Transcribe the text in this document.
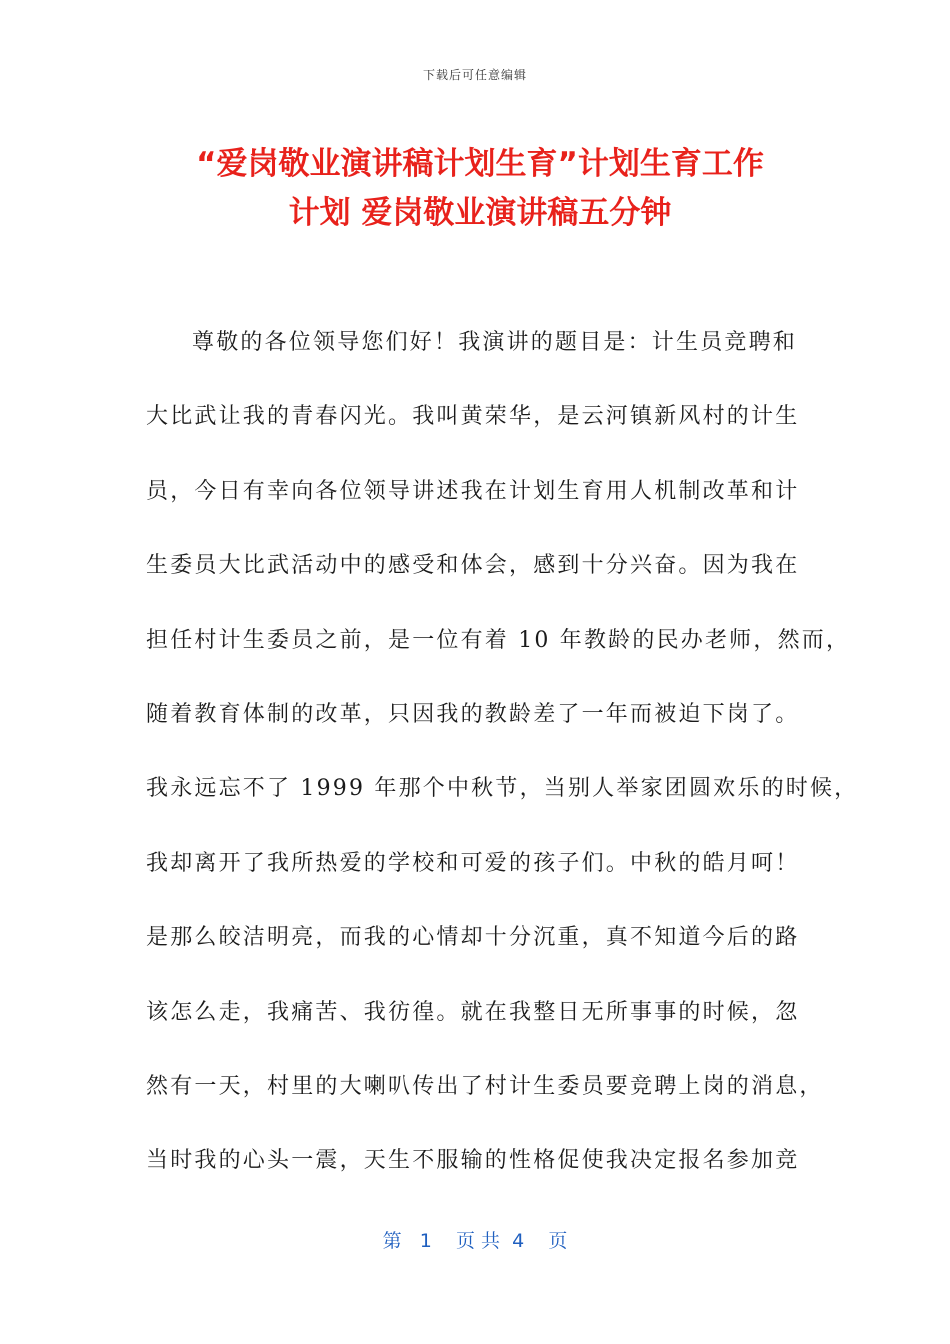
下载后可任意编辑
“爱岗敬业演讲稿计划生育”计划生育工作
计划 爱岗敬业演讲稿五分钟
尊敬的各位领导您们好！我演讲的题目是：计生员竞聘和
大比武让我的青春闪光。我叫黄荣华，是云河镇新风村的计生
员，今日有幸向各位领导讲述我在计划生育用人机制改革和计
生委员大比武活动中的感受和体会，感到十分兴奋。因为我在
担任村计生委员之前，是一位有着 10 年教龄的民办老师，然而，
随着教育体制的改革，只因我的教龄差了一年而被迫下岗了。
我永远忘不了 1999 年那个中秋节，当别人举家团圆欢乐的时候，
我却离开了我所热爱的学校和可爱的孩子们。中秋的皓月呵！
是那么皎洁明亮，而我的心情却十分沉重，真不知道今后的路
该怎么走，我痛苦、我彷徨。就在我整日无所事事的时候，忽
然有一天，村里的大喇叭传出了村计生委员要竞聘上岗的消息，
当时我的心头一震，天生不服输的性格促使我决定报名参加竞
第   1    页 共  4    页
